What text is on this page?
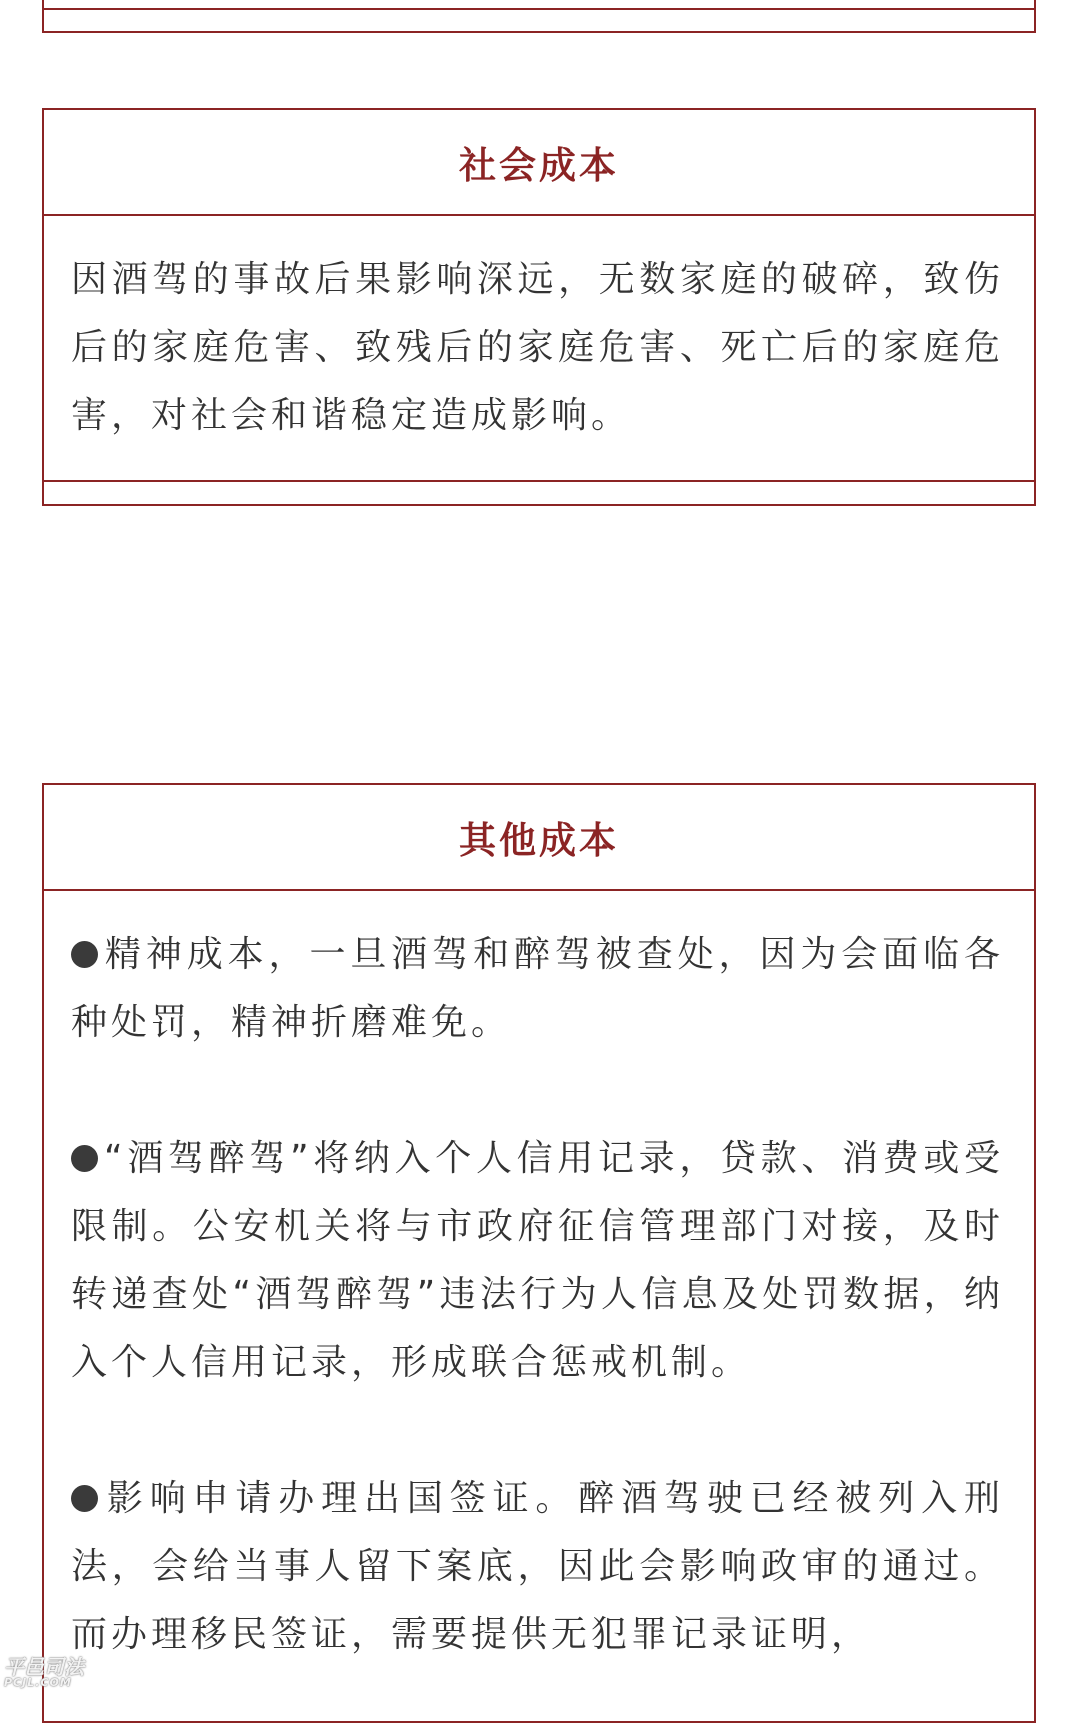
社会成本

因酒驾的事故后果影响深远，无数家庭的破碎，致伤后的家庭危害、致残后的家庭危害、死亡后的家庭危害，对社会和谐稳定造成影响。

其他成本

精神成本，一旦酒驾和醉驾被查处，因为会面临各种处罚，精神折磨难免。

“酒驾醉驾”将纳入个人信用记录，贷款、消费或受限制。公安机关将与市政府征信管理部门对接，及时转递查处“酒驾醉驾”违法行为人信息及处罚数据，纳入个人信用记录，形成联合惩戒机制。

影响申请办理出国签证。醉酒驾驶已经被列入刑法，会给当事人留下案底，因此会影响政审的通过。而办理移民签证，需要提供无犯罪记录证明，

平邑司法
PCJL.COM
